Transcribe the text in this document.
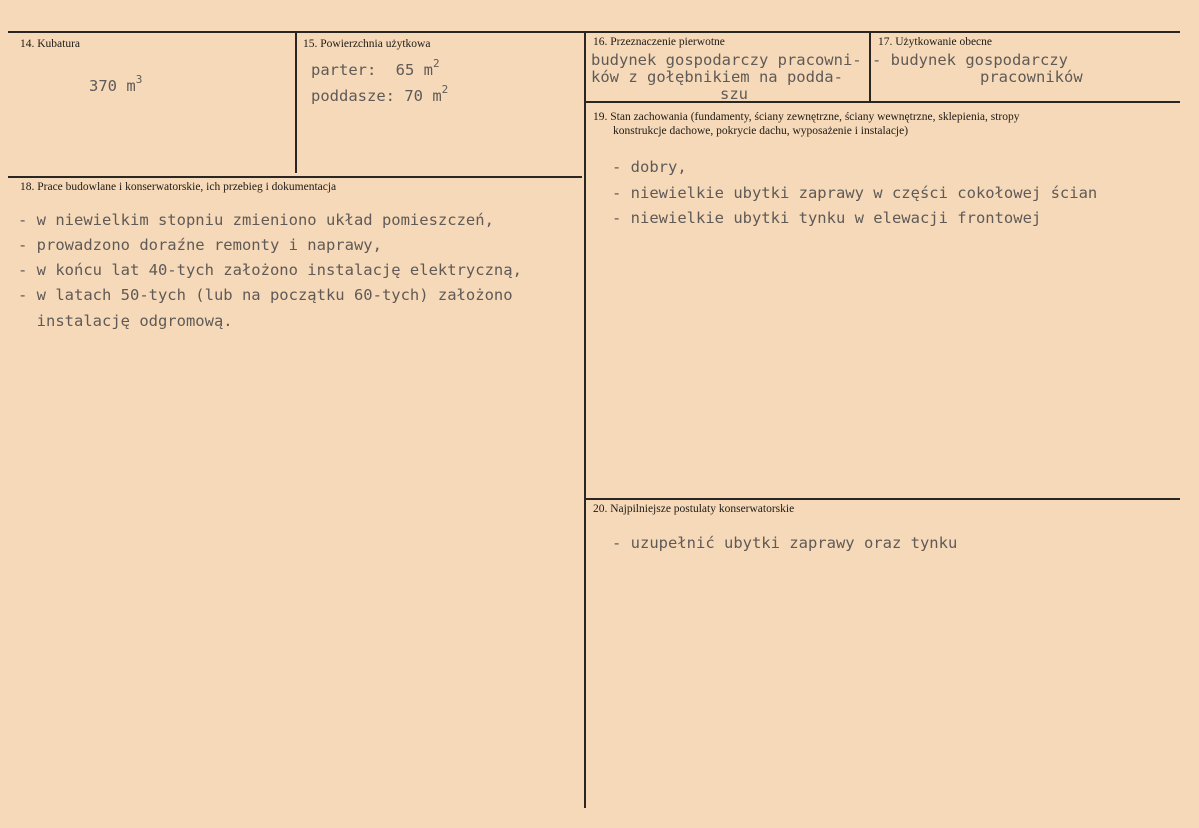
14. Kubatura
370 $m^3$
15. Powierzchnia użytkowa
parter: 65 $m^2$
poddasze: 70 $m^2$
16. Przeznaczenie pierwotne
budynek gospodarczy pracowni-
ków z gołębnikiem na podda-
szu
17. Użytkowanie obecne
- budynek gospodarczy
pracowników
18. Prace budowlane i konserwatorskie, ich przebieg i dokumentacja
- w niewielkim stopniu zmieniono układ pomieszczeń,
- prowadzono doraźne remonty i naprawy,
- w końcu lat 40-tych założono instalację elektryczną,
- w latach 50-tych (lub na początku 60-tych) założono
instalację odgromową.
19. Stan zachowania (fundamenty, ściany zewnętrzne, ściany wewnętrzne, sklepienia, stropy
konstrukcje dachowe, pokrycie dachu, wyposażenie i instalacje)
- dobry,
- niewielkie ubytki zaprawy w części cokołowej ścian
- niewielkie ubytki tynku w elewacji frontowej
20. Najpilniejsze postulaty konserwatorskie
- uzupełnić ubytki zaprawy oraz tynku
